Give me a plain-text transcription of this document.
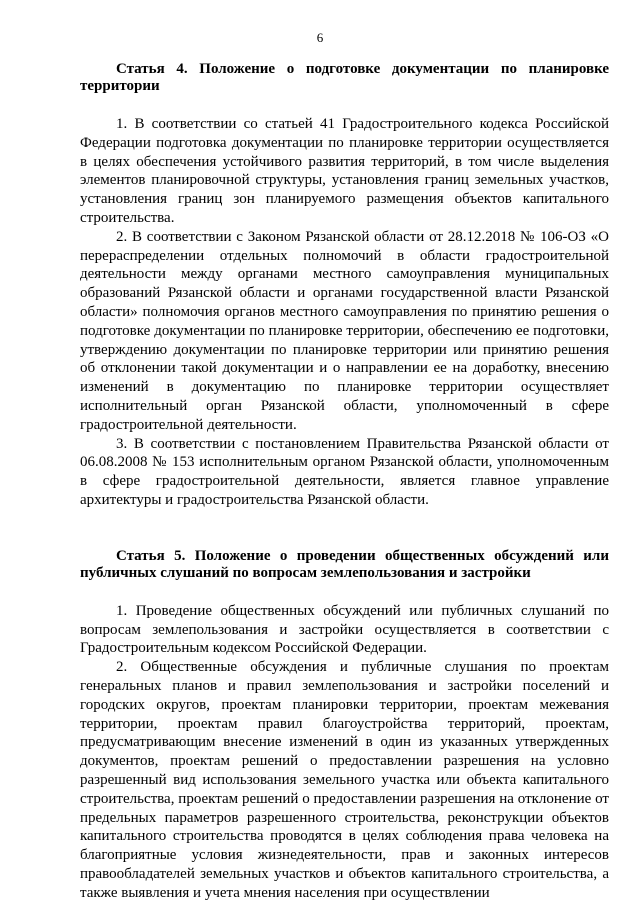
6

Статья 4. Положение о подготовке документации по планировке территории

1. В соответствии со статьей 41 Градостроительного кодекса Российской Федерации подготовка документации по планировке территории осуществляется в целях обеспечения устойчивого развития территорий, в том числе выделения элементов планировочной структуры, установления границ земельных участков, установления границ зон планируемого размещения объектов капитального строительства.

2. В соответствии с Законом Рязанской области от 28.12.2018 № 106-ОЗ «О перераспределении отдельных полномочий в области градостроительной деятельности между органами местного самоуправления муниципальных образований Рязанской области и органами государственной власти Рязанской области» полномочия органов местного самоуправления по принятию решения о подготовке документации по планировке территории, обеспечению ее подготовки, утверждению документации по планировке территории или принятию решения об отклонении такой документации и о направлении ее на доработку, внесению изменений в документацию по планировке территории осуществляет исполнительный орган Рязанской области, уполномоченный в сфере градостроительной деятельности.

3. В соответствии с постановлением Правительства Рязанской области от 06.08.2008 № 153 исполнительным органом Рязанской области, уполномоченным в сфере градостроительной деятельности, является главное управление архитектуры и градостроительства Рязанской области.

Статья 5. Положение о проведении общественных обсуждений или публичных слушаний по вопросам землепользования и застройки

1. Проведение общественных обсуждений или публичных слушаний по вопросам землепользования и застройки осуществляется в соответствии с Градостроительным кодексом Российской Федерации.

2. Общественные обсуждения и публичные слушания по проектам генеральных планов и правил землепользования и застройки поселений и городских округов, проектам планировки территории, проектам межевания территории, проектам правил благоустройства территорий, проектам, предусматривающим внесение изменений в один из указанных утвержденных документов, проектам решений о предоставлении разрешения на условно разрешенный вид использования земельного участка или объекта капитального строительства, проектам решений о предоставлении разрешения на отклонение от предельных параметров разрешенного строительства, реконструкции объектов капитального строительства проводятся в целях соблюдения права человека на благоприятные условия жизнедеятельности, прав и законных интересов правообладателей земельных участков и объектов капитального строительства, а также выявления и учета мнения населения при осуществлении
